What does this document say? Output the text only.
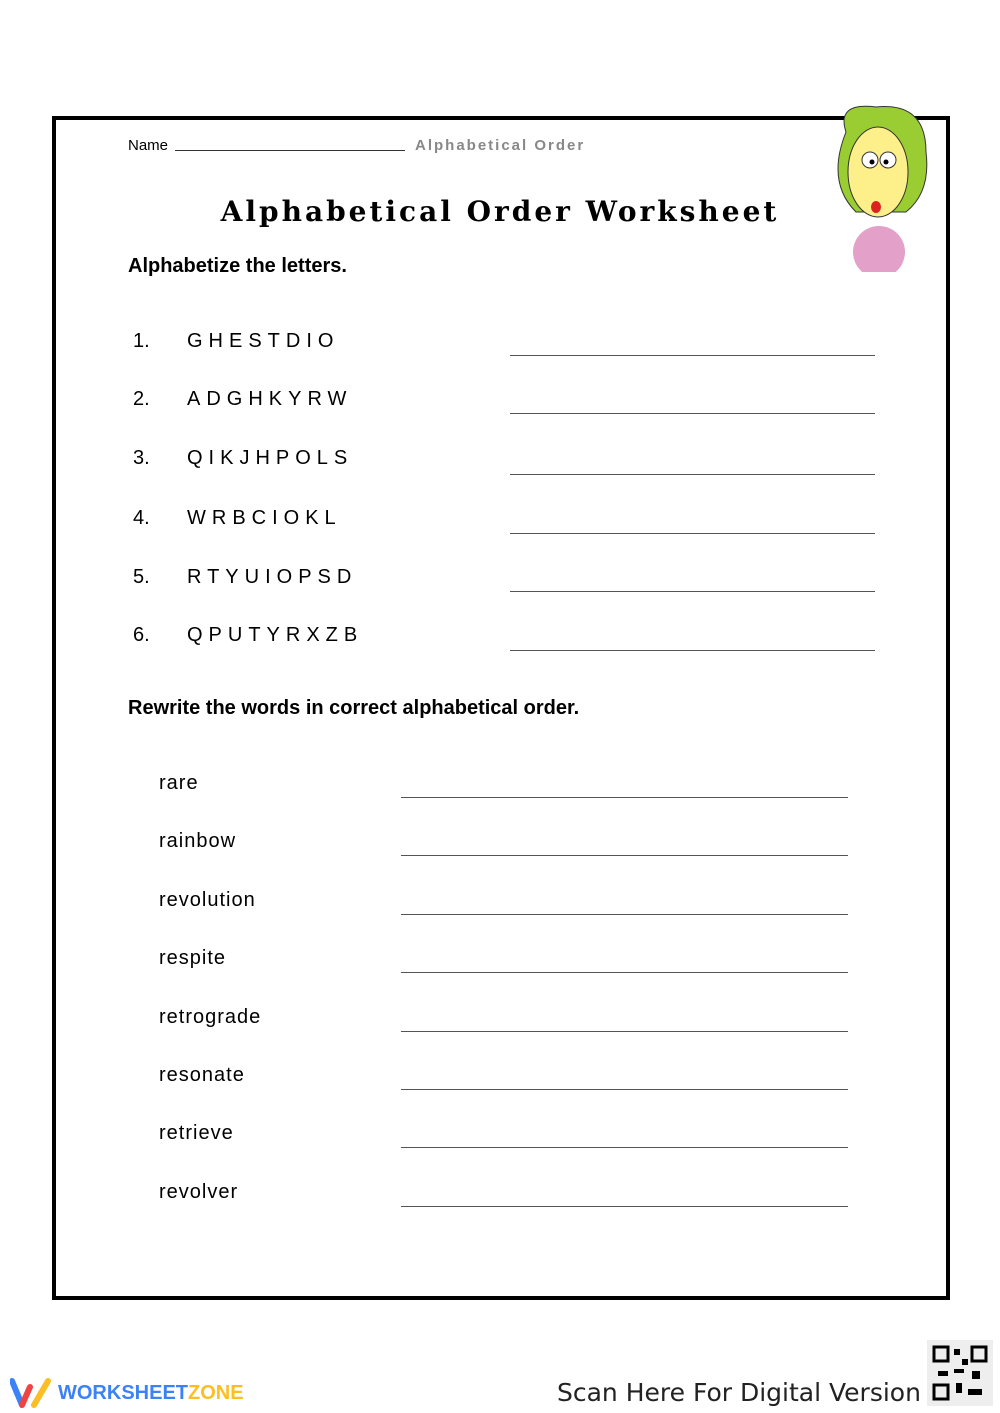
Name	Alphabetical Order
Alphabetical Order Worksheet
Alphabetize the letters.
1. GHESTDIO
2. ADGHKYRW
3. QIKJHPOLS
4. WRBCIOKL
5. RTYUIOPSD
6. QPUTYRXZB
Rewrite the words in correct alphabetical order.
rare
rainbow
revolution
respite
retrograde
resonate
retrieve
revolver
WORKSHEETZONE	Scan Here For Digital Version
